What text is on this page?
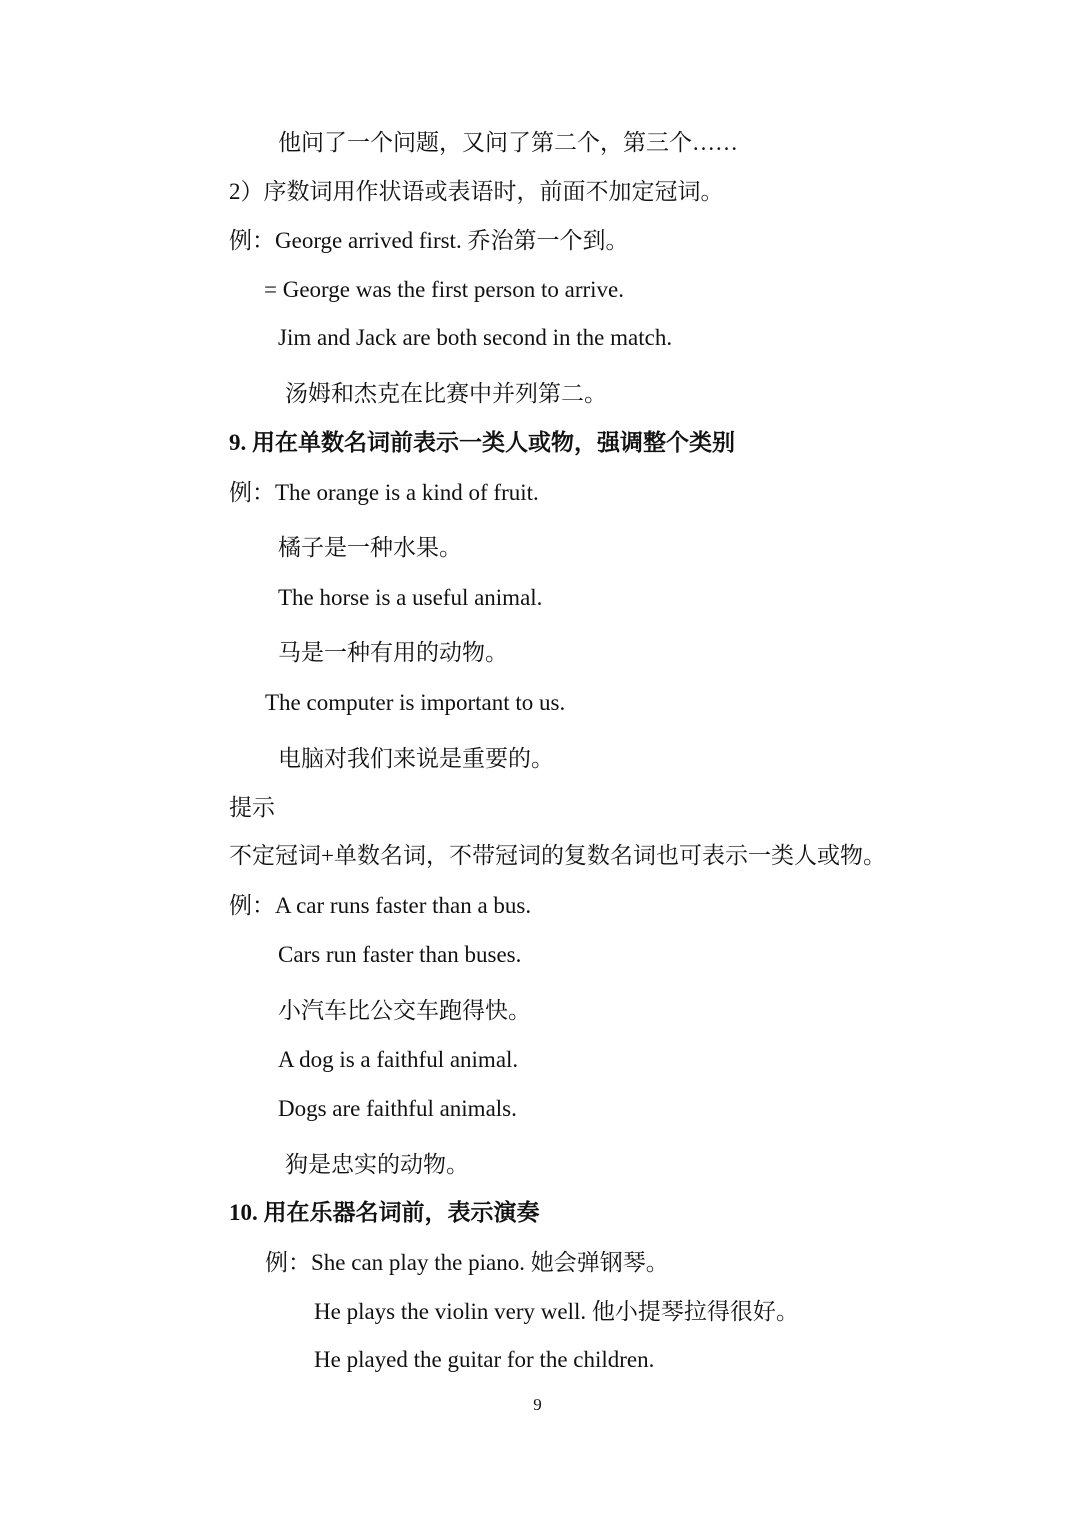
他问了一个问题，又问了第二个，第三个……
2）序数词用作状语或表语时，前面不加定冠词。
例：George arrived first. 乔治第一个到。
= George was the first person to arrive.
Jim and Jack are both second in the match.
汤姆和杰克在比赛中并列第二。
9. 用在单数名词前表示一类人或物，强调整个类别
例：The orange is a kind of fruit.
橘子是一种水果。
The horse is a useful animal.
马是一种有用的动物。
The computer is important to us.
电脑对我们来说是重要的。
提示
不定冠词+单数名词，不带冠词的复数名词也可表示一类人或物。
例：A car runs faster than a bus.
Cars run faster than buses.
小汽车比公交车跑得快。
A dog is a faithful animal.
Dogs are faithful animals.
狗是忠实的动物。
10. 用在乐器名词前，表示演奏
例：She can play the piano. 她会弹钢琴。
He plays the violin very well. 他小提琴拉得很好。
He played the guitar for the children.
9
